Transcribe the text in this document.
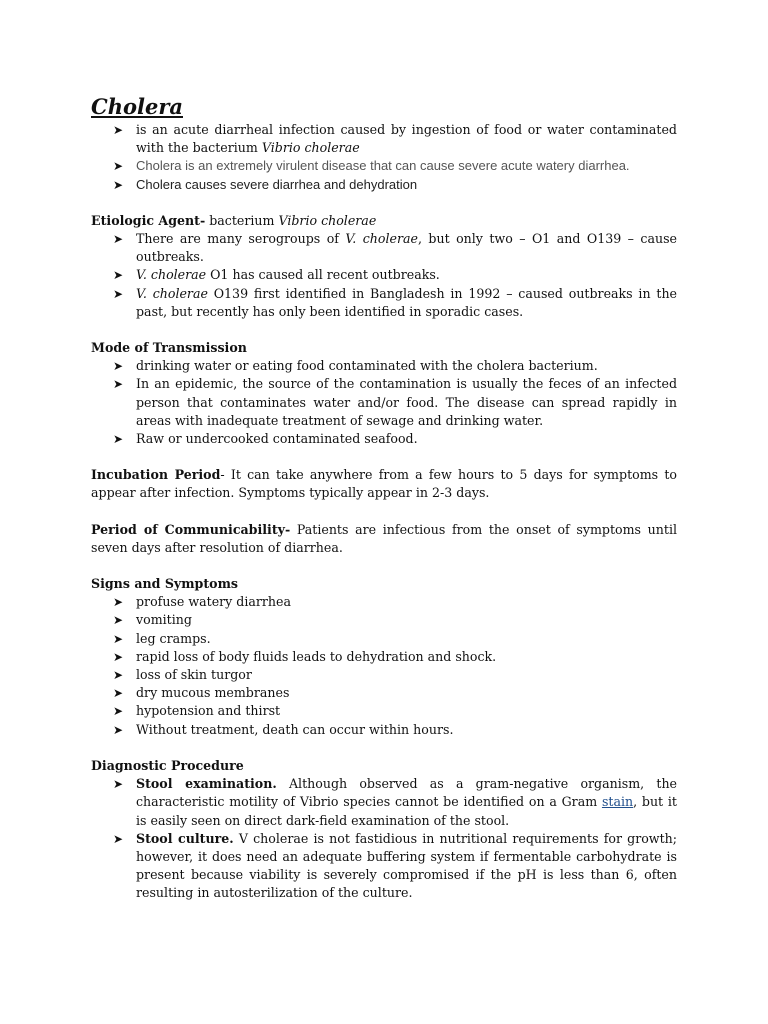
Cholera
➤ is an acute diarrheal infection caused by ingestion of food or water contaminated with the bacterium Vibrio cholerae
➤ Cholera is an extremely virulent disease that can cause severe acute watery diarrhea.
➤ Cholera causes severe diarrhea and dehydration
Etiologic Agent- bacterium Vibrio cholerae
➤ There are many serogroups of V. cholerae, but only two – O1 and O139 – cause outbreaks.
➤ V. cholerae O1 has caused all recent outbreaks.
➤ V. cholerae O139 first identified in Bangladesh in 1992 – caused outbreaks in the past, but recently has only been identified in sporadic cases.
Mode of Transmission
➤ drinking water or eating food contaminated with the cholera bacterium.
➤ In an epidemic, the source of the contamination is usually the feces of an infected person that contaminates water and/or food. The disease can spread rapidly in areas with inadequate treatment of sewage and drinking water.
➤ Raw or undercooked contaminated seafood.
Incubation Period- It can take anywhere from a few hours to 5 days for symptoms to appear after infection. Symptoms typically appear in 2-3 days.
Period of Communicability- Patients are infectious from the onset of symptoms until seven days after resolution of diarrhea.
Signs and Symptoms
➤ profuse watery diarrhea
➤ vomiting
➤ leg cramps.
➤ rapid loss of body fluids leads to dehydration and shock.
➤ loss of skin turgor
➤ dry mucous membranes
➤ hypotension and thirst
➤ Without treatment, death can occur within hours.
Diagnostic Procedure
➤ Stool examination. Although observed as a gram-negative organism, the characteristic motility of Vibrio species cannot be identified on a Gram stain, but it is easily seen on direct dark-field examination of the stool.
➤ Stool culture. V cholerae is not fastidious in nutritional requirements for growth; however, it does need an adequate buffering system if fermentable carbohydrate is present because viability is severely compromised if the pH is less than 6, often resulting in autosterilization of the culture.
